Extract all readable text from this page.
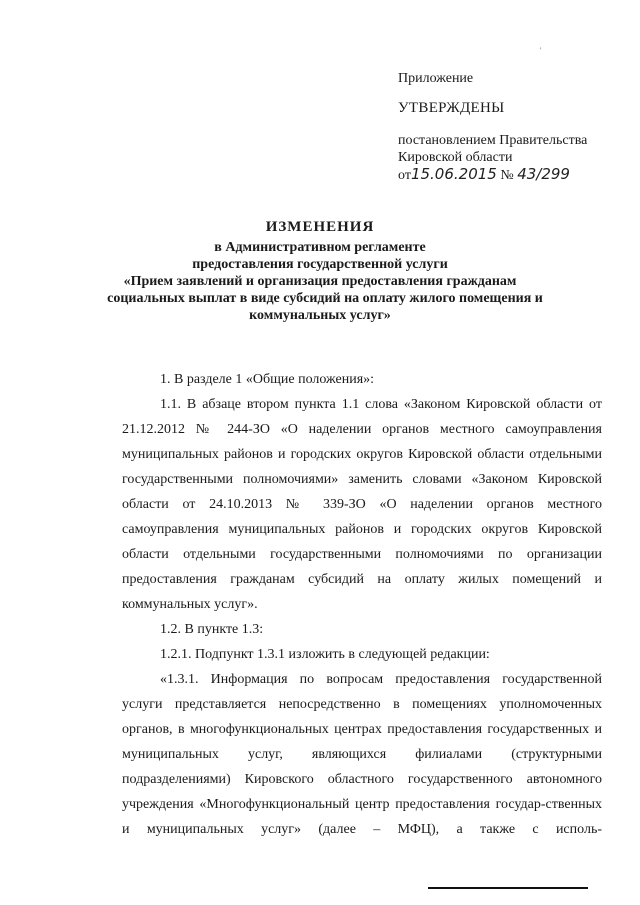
'
Приложение
УТВЕРЖДЕНЫ
постановлением Правительства
Кировской области
от15.06.2015 № 43/299
ИЗМЕНЕНИЯ
в Административном регламенте
предоставления государственной услуги
«Прием заявлений и организация предоставления гражданам
социальных выплат в виде субсидий на оплату жилого помещения и
коммунальных услуг»

1. В разделе 1 «Общие положения»:

1.1. В абзаце втором пункта 1.1 слова «Законом Кировской области от 21.12.2012 № 244-ЗО «О наделении органов местного самоуправления муниципальных районов и городских округов Кировской области отдельными государственными полномочиями» заменить словами «Законом Кировской области от 24.10.2013 № 339-ЗО «О наделении органов местного самоуправления муниципальных районов и городских округов Кировской области отдельными государственными полномочиями по организации предоставления гражданам субсидий на оплату жилых помещений и коммунальных услуг».

1.2. В пункте 1.3:

1.2.1. Подпункт 1.3.1 изложить в следующей редакции:

«1.3.1. Информация по вопросам предоставления государственной услуги представляется непосредственно в помещениях уполномоченных органов, в многофункциональных центрах предоставления государственных и муниципальных услуг, являющихся филиалами (структурными подразделениями) Кировского областного государственного автономного учреждения «Многофункциональный центр предоставления государ-ственных и муниципальных услуг» (далее – МФЦ), а также с исполь-
